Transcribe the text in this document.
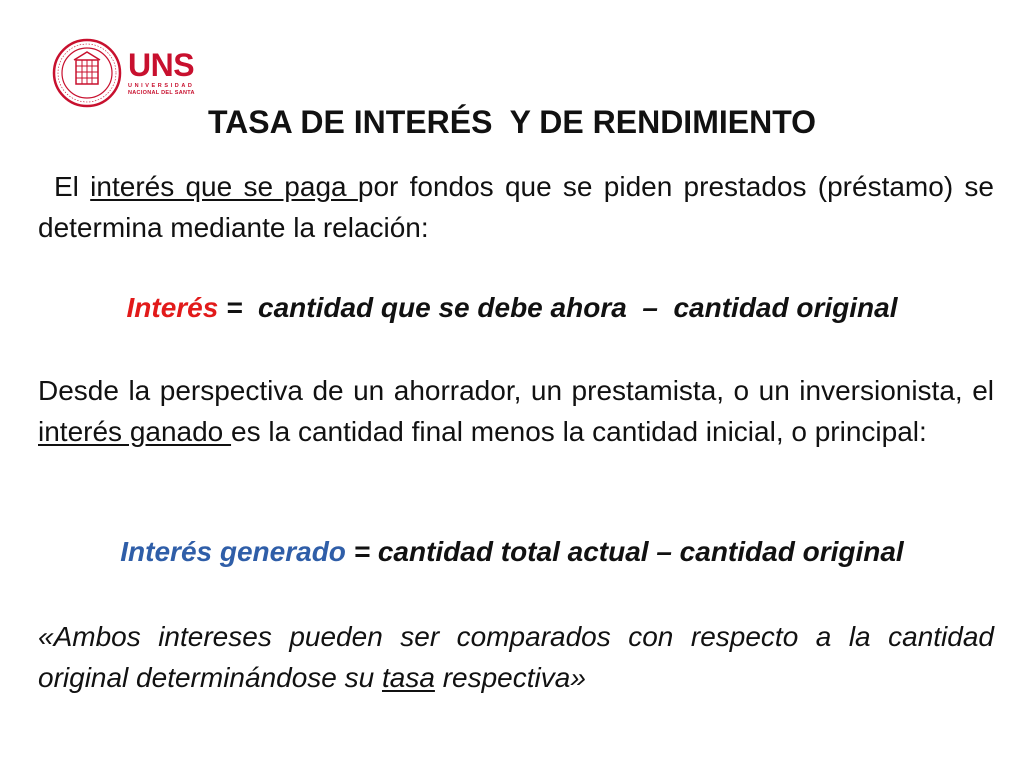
UNS
UNIVERSIDAD
NACIONAL DEL SANTA
TASA DE INTERÉS  Y DE RENDIMIENTO

El interés que se paga por fondos que se piden prestados (préstamo) se determina mediante la relación:

Interés =  cantidad que se debe ahora  –  cantidad original

Desde la perspectiva de un ahorrador, un prestamista, o un inversionista, el interés ganado es la cantidad final menos la cantidad inicial, o principal:

Interés generado = cantidad total actual – cantidad original

«Ambos intereses pueden ser comparados con respecto a la cantidad original determinándose su tasa respectiva»
